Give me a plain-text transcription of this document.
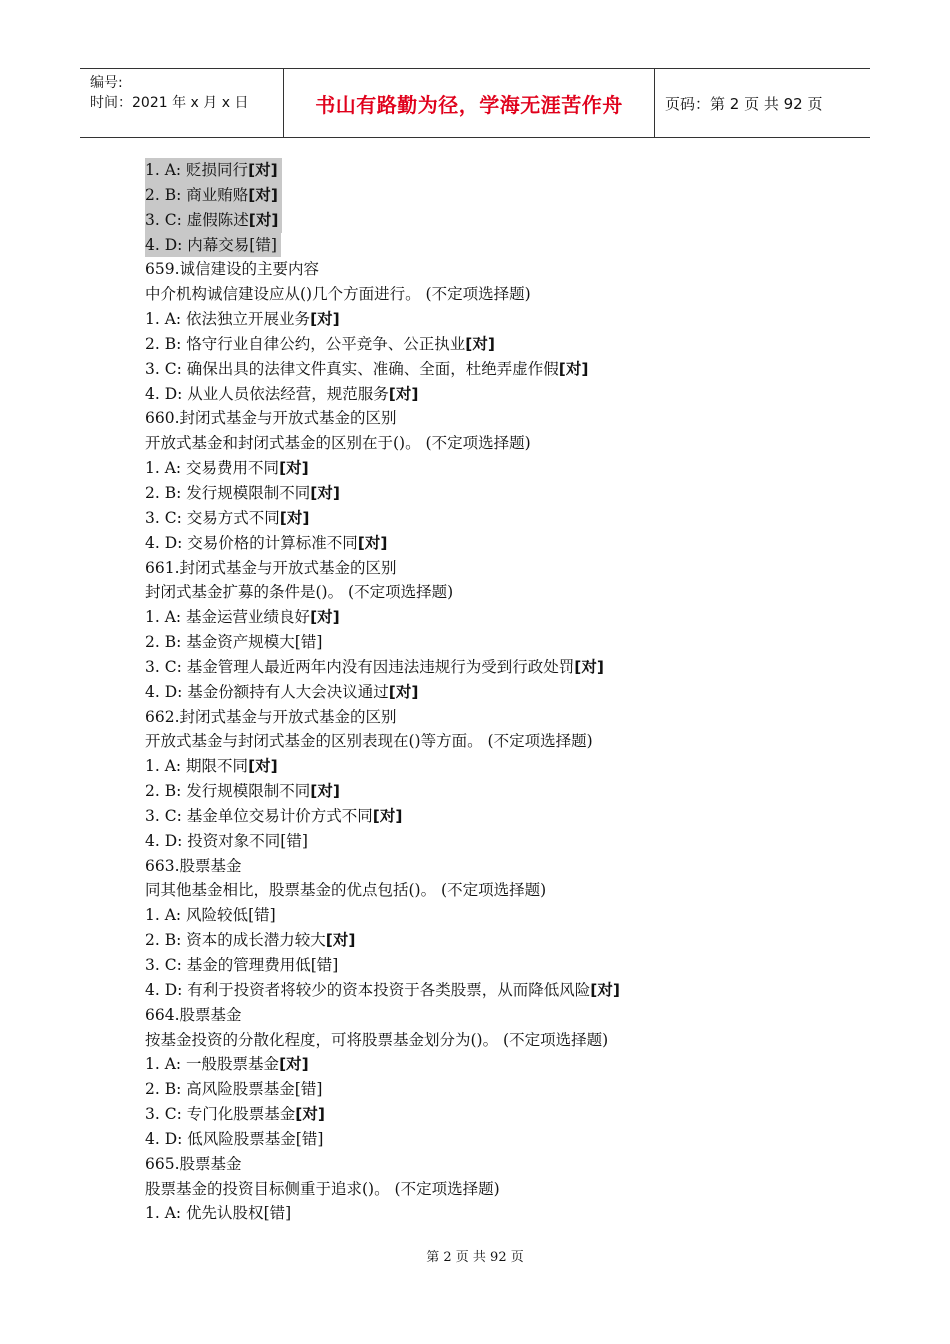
编号:
时间：2021 年 x 月 x 日	书山有路勤为径，学海无涯苦作舟	页码：第 2 页 共 92 页
1. A: 贬损同行[对]
2. B: 商业贿赂[对]
3. C: 虚假陈述[对]
4. D: 内幕交易[错]
659.诚信建设的主要内容
中介机构诚信建设应从()几个方面进行。 (不定项选择题)
1. A: 依法独立开展业务[对]
2. B: 恪守行业自律公约，公平竞争、公正执业[对]
3. C: 确保出具的法律文件真实、准确、全面，杜绝弄虚作假[对]
4. D: 从业人员依法经营，规范服务[对]
660.封闭式基金与开放式基金的区别
开放式基金和封闭式基金的区别在于()。 (不定项选择题)
1. A: 交易费用不同[对]
2. B: 发行规模限制不同[对]
3. C: 交易方式不同[对]
4. D: 交易价格的计算标准不同[对]
661.封闭式基金与开放式基金的区别
封闭式基金扩募的条件是()。 (不定项选择题)
1. A: 基金运营业绩良好[对]
2. B: 基金资产规模大[错]
3. C: 基金管理人最近两年内没有因违法违规行为受到行政处罚[对]
4. D: 基金份额持有人大会决议通过[对]
662.封闭式基金与开放式基金的区别
开放式基金与封闭式基金的区别表现在()等方面。 (不定项选择题)
1. A: 期限不同[对]
2. B: 发行规模限制不同[对]
3. C: 基金单位交易计价方式不同[对]
4. D: 投资对象不同[错]
663.股票基金
同其他基金相比，股票基金的优点包括()。 (不定项选择题)
1. A: 风险较低[错]
2. B: 资本的成长潜力较大[对]
3. C: 基金的管理费用低[错]
4. D: 有利于投资者将较少的资本投资于各类股票，从而降低风险[对]
664.股票基金
按基金投资的分散化程度，可将股票基金划分为()。 (不定项选择题)
1. A: 一般股票基金[对]
2. B: 高风险股票基金[错]
3. C: 专门化股票基金[对]
4. D: 低风险股票基金[错]
665.股票基金
股票基金的投资目标侧重于追求()。 (不定项选择题)
1. A: 优先认股权[错]
第 2 页 共 92 页
